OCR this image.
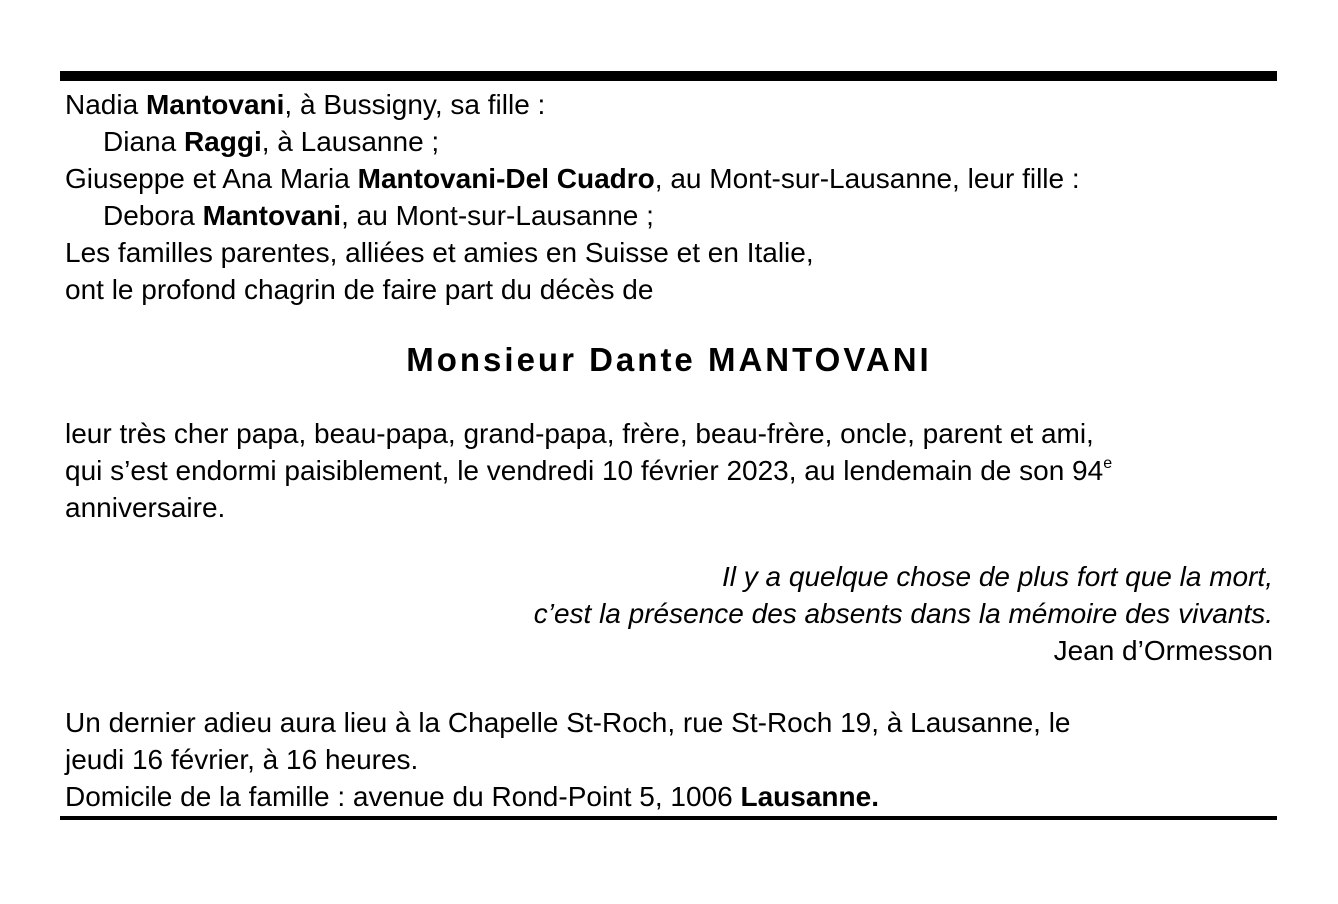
Nadia Mantovani, à Bussigny, sa fille :
Diana Raggi, à Lausanne ;
Giuseppe et Ana Maria Mantovani-Del Cuadro, au Mont-sur-Lausanne, leur fille :
Debora Mantovani, au Mont-sur-Lausanne ;
Les familles parentes, alliées et amies en Suisse et en Italie,
ont le profond chagrin de faire part du décès de
Monsieur Dante MANTOVANI
leur très cher papa, beau-papa, grand-papa, frère, beau-frère, oncle, parent et ami,
qui s’est endormi paisiblement, le vendredi 10 février 2023, au lendemain de son 94e
anniversaire.
Il y a quelque chose de plus fort que la mort,
c’est la présence des absents dans la mémoire des vivants.
Jean d’Ormesson
Un dernier adieu aura lieu à la Chapelle St-Roch, rue St-Roch 19, à Lausanne, le
jeudi 16 février, à 16 heures.
Domicile de la famille : avenue du Rond-Point 5, 1006 Lausanne.
